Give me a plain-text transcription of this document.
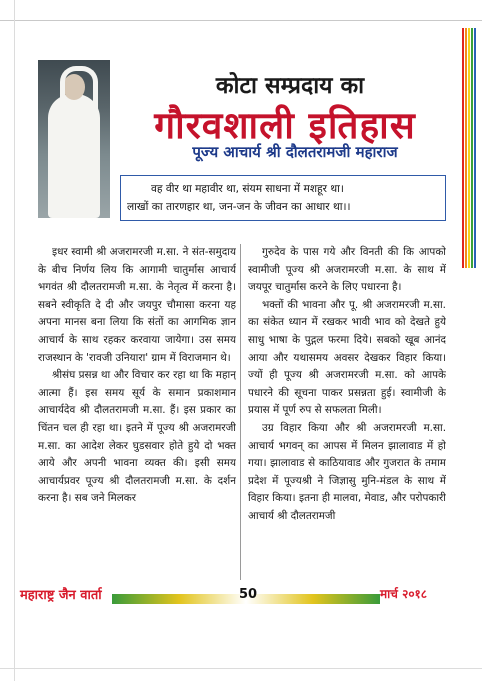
कोटा सम्प्रदाय का
गौरवशाली इतिहास
पूज्य आचार्य श्री दौलतरामजी महाराज
वह वीर था महावीर था, संयम साधना में मशहूर था।
लाखों का तारणहार था, जन-जन के जीवन का आधार था।।

इधर स्वामी श्री अजरामरजी म.सा. ने संत-समुदाय के बीच निर्णय लिय कि आगामी चातुर्मास आचार्य भगवंत श्री दौलतरामजी म.सा. के नेतृत्व में करना है। सबने स्वीकृति दे दी और जयपुर चौमासा करना यह अपना मानस बना लिया कि संतों का आगमिक ज्ञान आचार्य के साथ रहकर करवाया जायेगा। उस समय राजस्थान के 'रावजी उनियारा' ग्राम में विराजमान थे।

श्रीसंघ प्रसन्न था और विचार कर रहा था कि महान् आत्मा हैं। इस समय सूर्य के समान प्रकाशमान आचार्यदेव श्री दौलतरामजी म.सा. हैं। इस प्रकार का चिंतन चल ही रहा था। इतने में पूज्य श्री अजरामरजी म.सा. का आदेश लेकर घुडसवार होते हुये दो भक्त आये और अपनी भावना व्यक्त की। इसी समय आचार्यप्रवर पूज्य श्री दौलतरामजी म.सा. के दर्शन करना है। सब जने मिलकर

गुरुदेव के पास गये और विनती की कि आपको स्वामीजी पूज्य श्री अजरामरजी म.सा. के साथ में जयपूर चातुर्मास करने के लिए पधारना है।

भक्तों की भावना और पू. श्री अजरामरजी म.सा. का संकेत ध्यान में रखकर भावी भाव को देखते हुये साधु भाषा के पुद्गल फरमा दिये। सबको खूब आनंद आया और यथासमय अवसर देखकर विहार किया। ज्यों ही पूज्य श्री अजरामरजी म.सा. को आपके पधारने की सूचना पाकर प्रसन्नता हुई। स्वामीजी के प्रयास में पूर्ण रुप से सफलता मिली।

उग्र विहार किया और श्री अजरामरजी म.सा. आचार्य भगवन् का आपस में मिलन झालावाड में हो गया। झालावाड से काठियावाड और गुजरात के तमाम प्रदेश में पूज्यश्री ने जिज्ञासु मुनि-मंडल के साथ में विहार किया। इतना ही मालवा, मेवाड, और परोपकारी आचार्य श्री दौलतरामजी

महाराष्ट्र जैन वार्ता	50	मार्च २०१८
